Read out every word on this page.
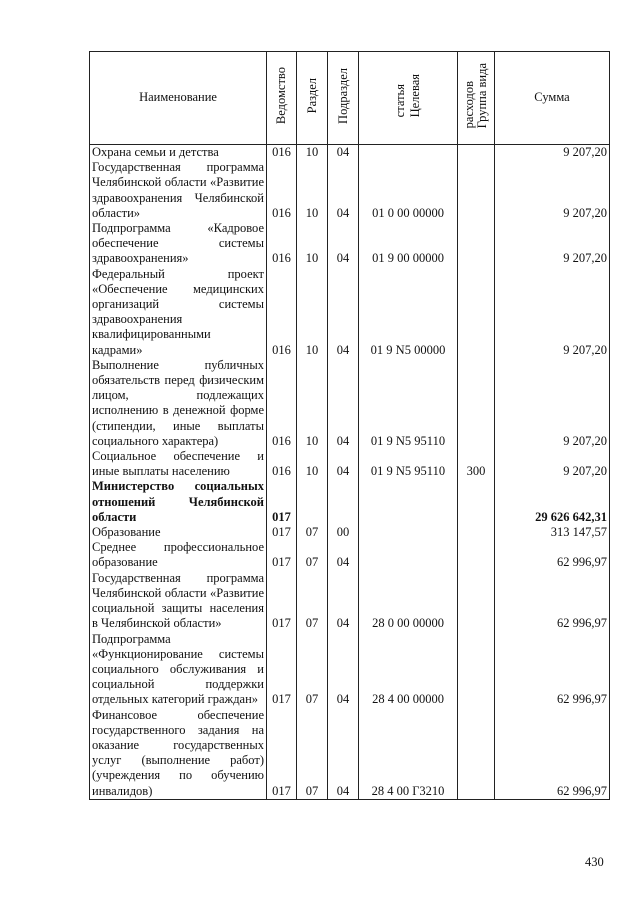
Наименование	Ведомство	Раздел	Подраздел	статьяЦелевая	расходовГруппа вида	Сумма
Охрана семьи и детства	016	10	04			9 207,20
Государственная программа Челябинской области «Развитие здравоохранения Челябинской области»	016	10	04	01 0 00 00000		9 207,20
Подпрограмма «Кадровое обеспечение системы здравоохранения»	016	10	04	01 9 00 00000		9 207,20
Федеральный проект «Обеспечение медицинских организаций системы здравоохранения квалифицированными кадрами»	016	10	04	01 9 N5 00000		9 207,20
Выполнение публичных обязательств перед физическим лицом, подлежащих исполнению в денежной форме (стипендии, иные выплаты социального характера)	016	10	04	01 9 N5 95110		9 207,20
Социальное обеспечение и иные выплаты населению	016	10	04	01 9 N5 95110	300	9 207,20
Министерство социальных отношений Челябинской области	017					29 626 642,31
Образование	017	07	00			313 147,57
Среднее профессиональное образование	017	07	04			62 996,97
Государственная программа Челябинской области «Развитие социальной защиты населения в Челябинской области»	017	07	04	28 0 00 00000		62 996,97
Подпрограмма «Функционирование системы социального обслуживания и социальной поддержки отдельных категорий граждан»	017	07	04	28 4 00 00000		62 996,97
Финансовое обеспечение государственного задания на оказание государственных услуг (выполнение работ) (учреждения по обучению инвалидов)	017	07	04	28 4 00 Г3210		62 996,97
430
